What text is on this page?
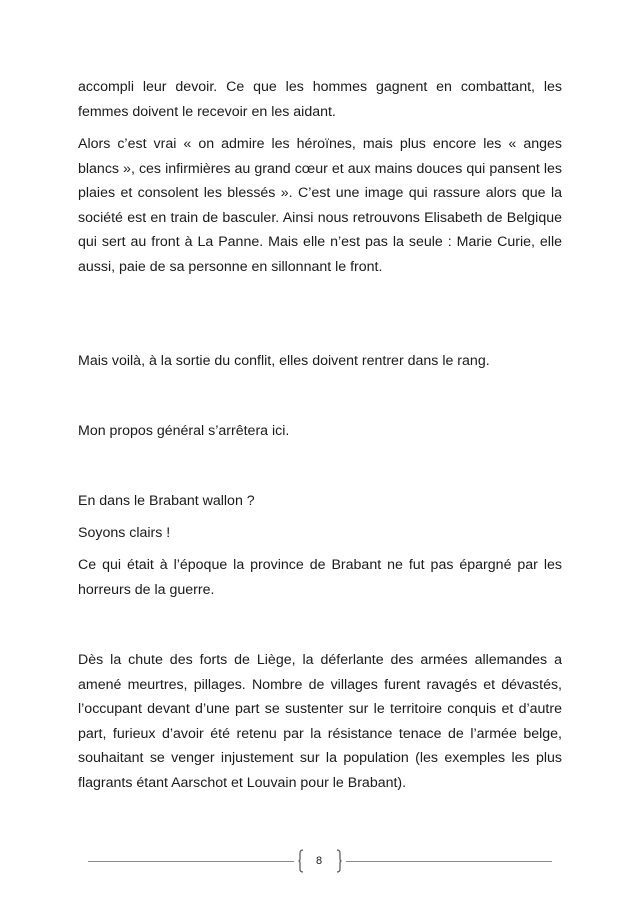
accompli leur devoir. Ce que les hommes gagnent en combattant, les femmes doivent le recevoir en les aidant.

Alors c’est vrai « on admire les héroïnes, mais plus encore les « anges blancs », ces infirmières au grand cœur et aux mains douces qui pansent les plaies et consolent les blessés ». C’est une image qui rassure alors que la société est en train de basculer. Ainsi nous retrouvons Elisabeth de Belgique qui sert au front à La Panne. Mais elle n’est pas la seule : Marie Curie, elle aussi, paie de sa personne en sillonnant le front.

Mais voilà, à la sortie du conflit, elles doivent rentrer dans le rang.

Mon propos général s’arrêtera ici.

En dans le Brabant wallon ?

Soyons clairs !

Ce qui était à l’époque la province de Brabant ne fut pas épargné par les horreurs de la guerre.

Dès la chute des forts de Liège, la déferlante des armées allemandes a amené meurtres, pillages. Nombre de villages furent ravagés et dévastés, l’occupant devant d’une part se sustenter sur le territoire conquis et d’autre part, furieux d’avoir été retenu par la résistance tenace de l’armée belge, souhaitant se venger injustement sur la population (les exemples les plus flagrants étant Aarschot et Louvain pour le Brabant).

8
